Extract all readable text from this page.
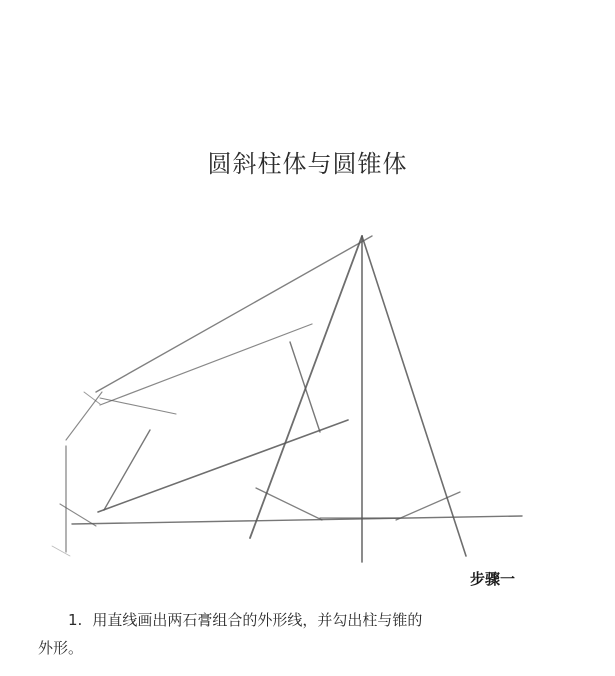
圆斜柱体与圆锥体
步骤一
1. 用直线画出两石膏组合的外形线，并勾出柱与锥的
外形。
